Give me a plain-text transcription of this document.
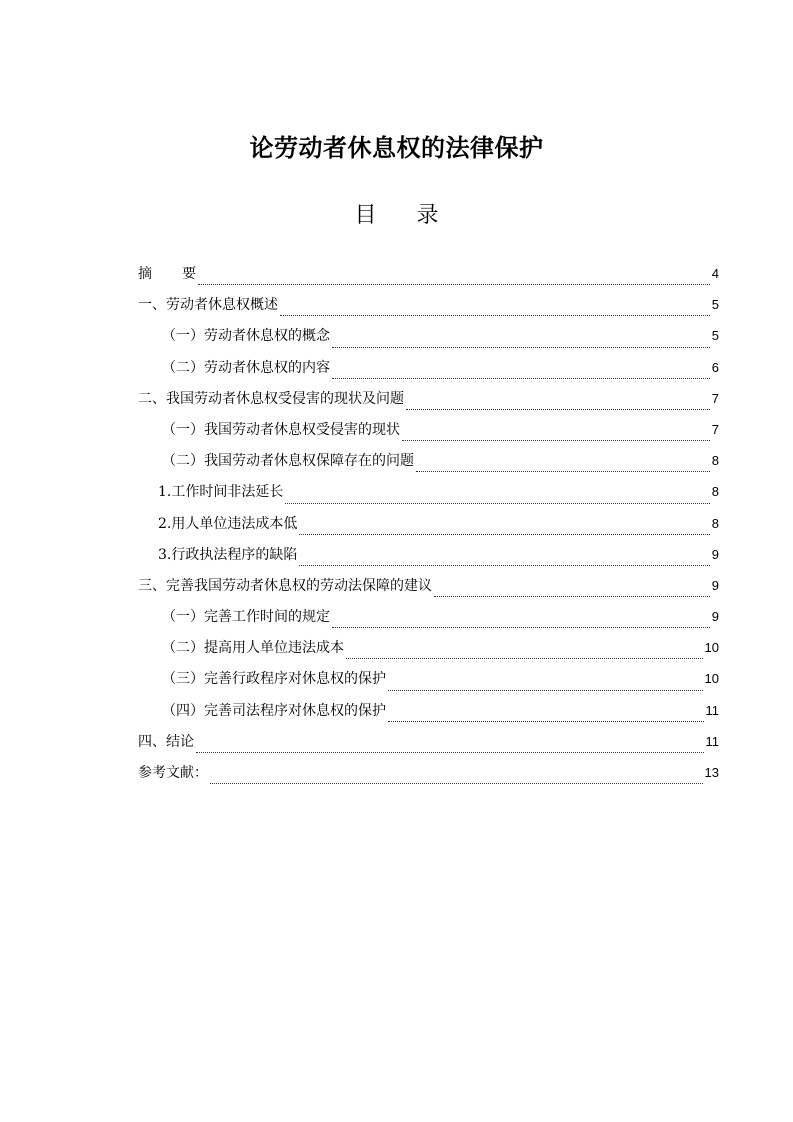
论劳动者休息权的法律保护
目 录
摘 要	4
一、劳动者休息权概述	5
（一）劳动者休息权的概念	5
（二）劳动者休息权的内容	6
二、我国劳动者休息权受侵害的现状及问题	7
（一）我国劳动者休息权受侵害的现状	7
（二）我国劳动者休息权保障存在的问题	8
1.工作时间非法延长	8
2.用人单位违法成本低	8
3.行政执法程序的缺陷	9
三、完善我国劳动者休息权的劳动法保障的建议	9
（一）完善工作时间的规定	9
（二）提高用人单位违法成本	10
（三）完善行政程序对休息权的保护	10
（四）完善司法程序对休息权的保护	11
四、结论	11
参考文献：	13
